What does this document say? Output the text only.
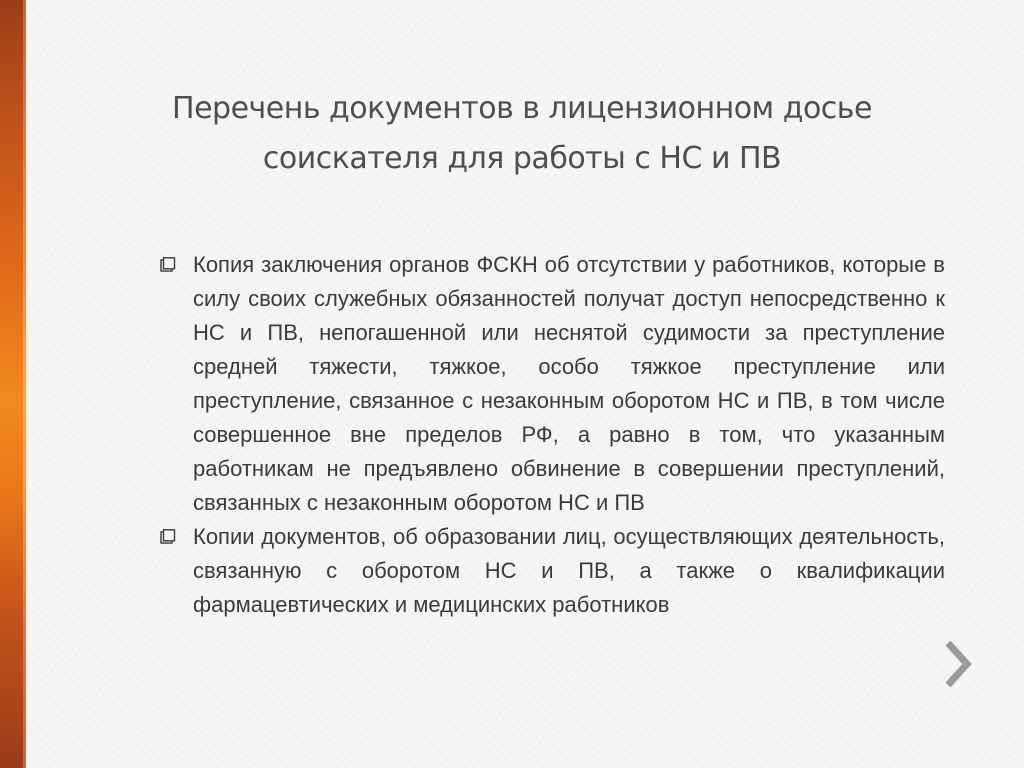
Перечень документов в лицензионном досье
соискателя для работы с НС и ПВ
Копия заключения органов ФСКН об отсутствии у работников, которые в силу своих служебных обязанностей получат доступ непосредственно к НС и ПВ, непогашенной или неснятой судимости за преступление средней тяжести, тяжкое, особо тяжкое преступление или преступление, связанное с незаконным оборотом НС и ПВ, в том числе совершенное вне пределов РФ, а равно в том, что указанным работникам не предъявлено обвинение в совершении преступлений, связанных с незаконным оборотом НС и ПВ
Копии документов, об образовании лиц, осуществляющих деятельность, связанную с оборотом НС и ПВ, а также о квалификации фармацевтических и медицинских работников
